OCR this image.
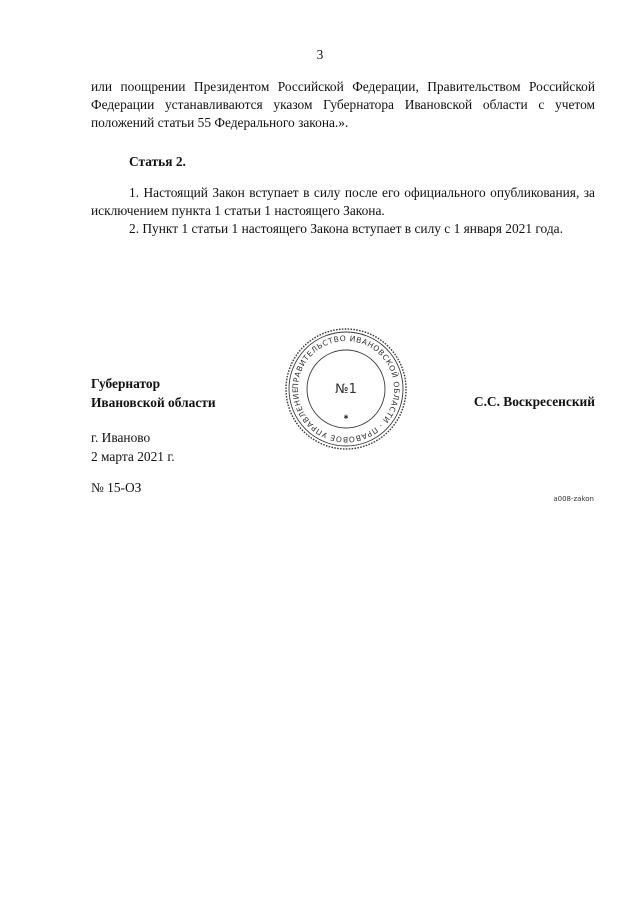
3

или поощрении Президентом Российской Федерации, Правительством Российской Федерации устанавливаются указом Губернатора Ивановской области с учетом положений статьи 55 Федерального закона.».

Статья 2.

1. Настоящий Закон вступает в силу после его официального опубликования, за исключением пункта 1 статьи 1 настоящего Закона.

2. Пункт 1 статьи 1 настоящего Закона вступает в силу с 1 января 2021 года.

Губернатор
Ивановской области
ПРАВИТЕЛЬСТВО ИВАНОВСКОЙ ОБЛАСТИ · ПРАВОВОЕ УПРАВЛЕНИЕ	№1
✱
С.С. Воскресенский
г. Иваново
2 марта 2021 г.
№ 15-ОЗ
a008-zakon
